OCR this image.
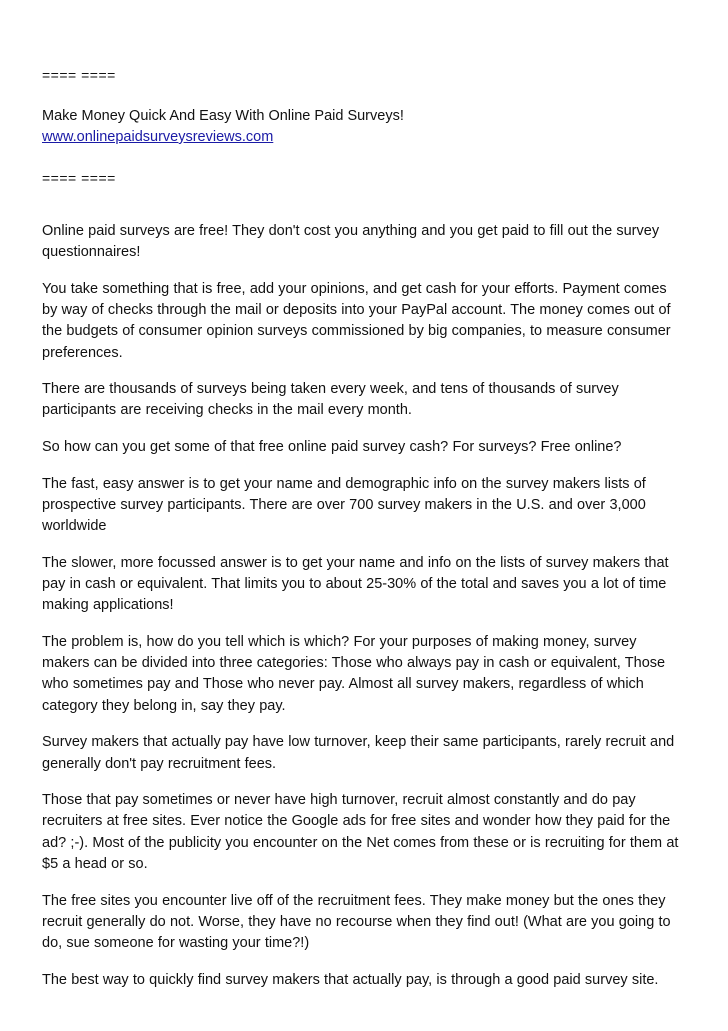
==== ====

Make Money Quick And Easy With Online Paid Surveys!

www.onlinepaidsurveysreviews.com

==== ====

Online paid surveys are free! They don't cost you anything and you get paid to fill out the survey questionnaires!

You take something that is free, add your opinions, and get cash for your efforts. Payment comes by way of checks through the mail or deposits into your PayPal account. The money comes out of the budgets of consumer opinion surveys commissioned by big companies, to measure consumer preferences.

There are thousands of surveys being taken every week, and tens of thousands of survey participants are receiving checks in the mail every month.

So how can you get some of that free online paid survey cash? For surveys? Free online?

The fast, easy answer is to get your name and demographic info on the survey makers lists of prospective survey participants. There are over 700 survey makers in the U.S. and over 3,000 worldwide

The slower, more focussed answer is to get your name and info on the lists of survey makers that pay in cash or equivalent. That limits you to about 25-30% of the total and saves you a lot of time making applications!

The problem is, how do you tell which is which? For your purposes of making money, survey makers can be divided into three categories: Those who always pay in cash or equivalent, Those who sometimes pay and Those who never pay. Almost all survey makers, regardless of which category they belong in, say they pay.

Survey makers that actually pay have low turnover, keep their same participants, rarely recruit and generally don't pay recruitment fees.

Those that pay sometimes or never have high turnover, recruit almost constantly and do pay recruiters at free sites. Ever notice the Google ads for free sites and wonder how they paid for the ad? ;-). Most of the publicity you encounter on the Net comes from these or is recruiting for them at $5 a head or so.

The free sites you encounter live off of the recruitment fees. They make money but the ones they recruit generally do not. Worse, they have no recourse when they find out! (What are you going to do, sue someone for wasting your time?!)

The best way to quickly find survey makers that actually pay, is through a good paid survey site.
